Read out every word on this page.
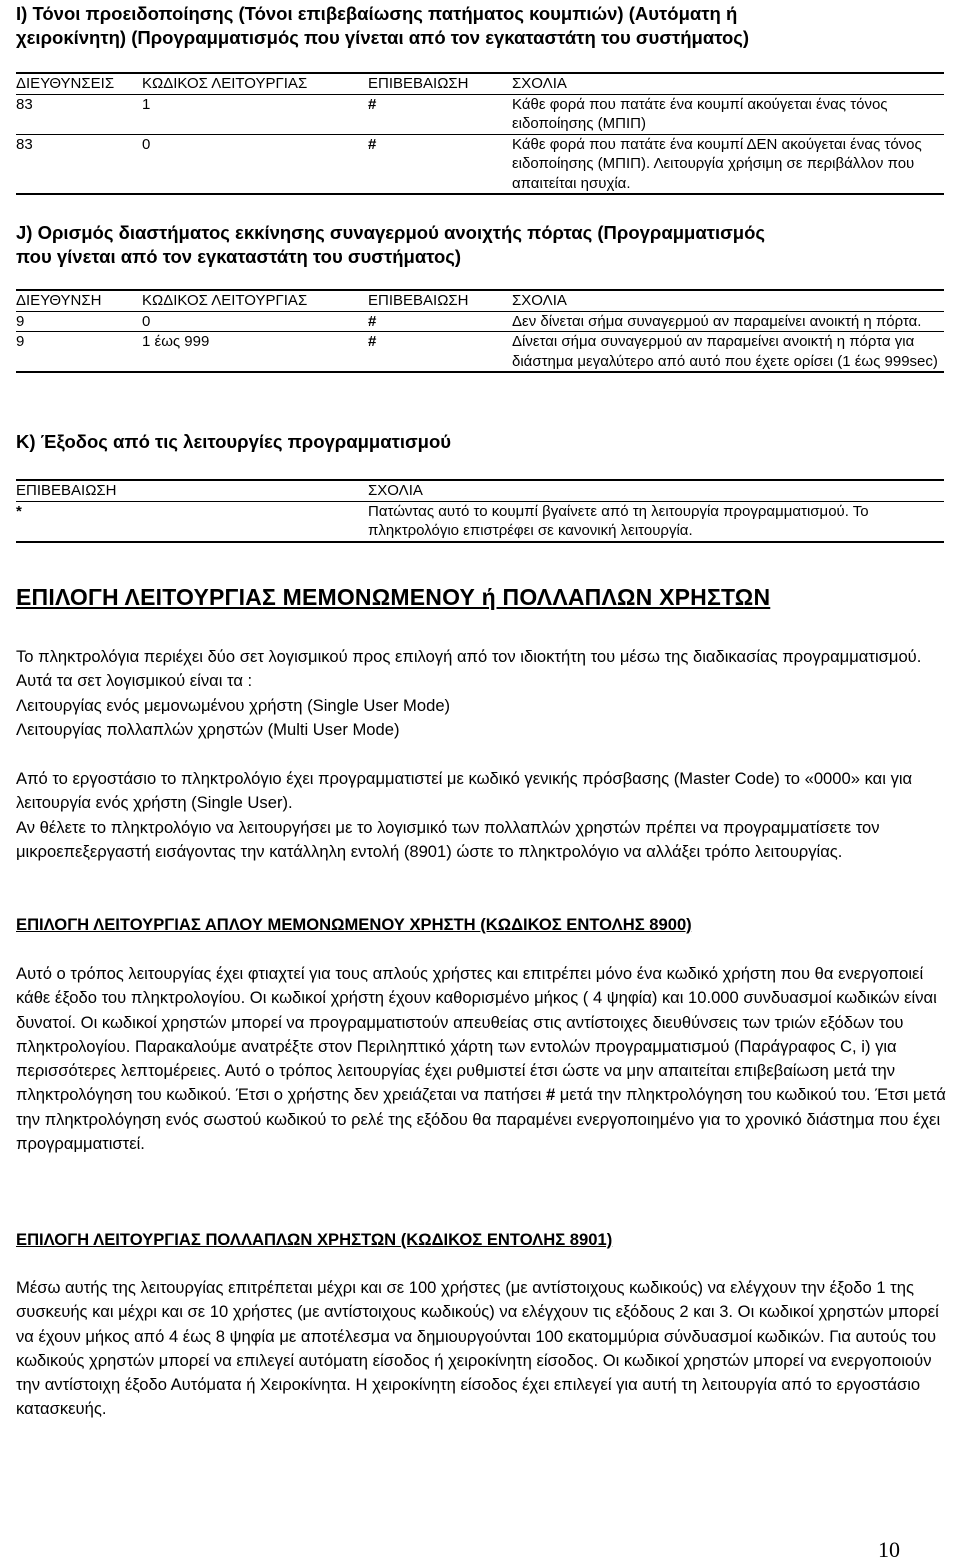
I) Τόνοι προειδοποίησης (Τόνοι επιβεβαίωσης πατήματος κουμπιών) (Αυτόματη ή

χειροκίνητη) (Προγραμματισμός που γίνεται από τον εγκαταστάτη του συστήματος)

ΔΙΕΥΘΥΝΣΕΙΣ	ΚΩΔΙΚΟΣ ΛΕΙΤΟΥΡΓΙΑΣ	ΕΠΙΒΕΒΑΙΩΣΗ	ΣΧΟΛΙΑ
83	1	#	Κάθε φορά που πατάτε ένα κουμπί ακούγεται ένας τόνος ειδοποίησης (ΜΠΙΠ)
83	0	#	Κάθε φορά που πατάτε ένα κουμπί ΔΕΝ ακούγεται ένας τόνος ειδοποίησης (ΜΠΙΠ). Λειτουργία χρήσιμη σε περιβάλλον που απαιτείται ησυχία.

J) Ορισμός διαστήματος εκκίνησης συναγερμού ανοιχτής πόρτας (Προγραμματισμός

που γίνεται από τον εγκαταστάτη του συστήματος)

ΔΙΕΥΘΥΝΣΗ	ΚΩΔΙΚΟΣ ΛΕΙΤΟΥΡΓΙΑΣ	ΕΠΙΒΕΒΑΙΩΣΗ	ΣΧΟΛΙΑ
9	0	#	Δεν δίνεται σήμα συναγερμού αν παραμείνει ανοικτή η πόρτα.
9	1 έως 999	#	Δίνεται σήμα συναγερμού αν παραμείνει ανοικτή η πόρτα για διάστημα μεγαλύτερο από αυτό που έχετε ορίσει (1 έως 999sec)

K) Έξοδος από τις λειτουργίες προγραμματισμού

ΕΠΙΒΕΒΑΙΩΣΗ	ΣΧΟΛΙΑ
*	Πατώντας αυτό το κουμπί βγαίνετε από τη λειτουργία προγραμματισμού. Το πληκτρολόγιο επιστρέφει σε κανονική λειτουργία.
ΕΠΙΛΟΓΗ ΛΕΙΤΟΥΡΓΙΑΣ ΜΕΜΟΝΩΜΕΝΟΥ ή ΠΟΛΛΑΠΛΩΝ ΧΡΗΣΤΩΝ

Το πληκτρολόγια περιέχει δύο σετ λογισμικού προς επιλογή από τον ιδιοκτήτη του μέσω της διαδικασίας προγραμματισμού. Αυτά τα σετ λογισμικού είναι τα :

Λειτουργίας ενός μεμονωμένου χρήστη (Single User Mode)

Λειτουργίας πολλαπλών χρηστών (Multi User Mode)

Από το εργοστάσιο το πληκτρολόγιο έχει προγραμματιστεί με κωδικό γενικής πρόσβασης (Master Code) το «0000» και για λειτουργία ενός χρήστη (Single User).

Αν θέλετε το πληκτρολόγιο να λειτουργήσει με το λογισμικό των πολλαπλών χρηστών πρέπει να προγραμματίσετε τον μικροεπεξεργαστή εισάγοντας την κατάλληλη εντολή (8901) ώστε το πληκτρολόγιο να αλλάξει τρόπο λειτουργίας.

ΕΠΙΛΟΓΗ ΛΕΙΤΟΥΡΓΙΑΣ ΑΠΛΟΥ ΜΕΜΟΝΩΜΕΝΟΥ ΧΡΗΣΤΗ (ΚΩΔΙΚΟΣ ΕΝΤΟΛΗΣ 8900)

Αυτό ο τρόπος λειτουργίας έχει φτιαχτεί για τους απλούς χρήστες και επιτρέπει μόνο ένα κωδικό χρήστη που θα ενεργοποιεί κάθε έξοδο του πληκτρολογίου. Οι κωδικοί χρήστη έχουν καθορισμένο μήκος ( 4 ψηφία) και 10.000 συνδυασμοί κωδικών είναι δυνατοί. Οι κωδικοί χρηστών μπορεί να προγραμματιστούν απευθείας στις αντίστοιχες διευθύνσεις των τριών εξόδων του πληκτρολογίου. Παρακαλούμε ανατρέξτε στον Περιληπτικό χάρτη των εντολών προγραμματισμού (Παράγραφος C, i) για περισσότερες λεπτομέρειες. Αυτό ο τρόπος λειτουργίας έχει ρυθμιστεί έτσι ώστε να μην απαιτείται επιβεβαίωση μετά την πληκτρολόγηση του κωδικού. Έτσι ο χρήστης δεν χρειάζεται να πατήσει # μετά την πληκτρολόγηση του κωδικού του. Έτσι μετά την πληκτρολόγηση ενός σωστού κωδικού το ρελέ της εξόδου θα παραμένει ενεργοποιημένο για το χρονικό διάστημα που έχει προγραμματιστεί.

ΕΠΙΛΟΓΗ ΛΕΙΤΟΥΡΓΙΑΣ ΠΟΛΛΑΠΛΩΝ ΧΡΗΣΤΩΝ (ΚΩΔΙΚΟΣ ΕΝΤΟΛΗΣ 8901)

Μέσω αυτής της λειτουργίας επιτρέπεται μέχρι και σε 100 χρήστες (με αντίστοιχους κωδικούς) να ελέγχουν την έξοδο 1 της συσκευής και μέχρι και σε 10 χρήστες (με αντίστοιχους κωδικούς) να ελέγχουν τις εξόδους 2 και 3. Οι κωδικοί χρηστών μπορεί να έχουν μήκος από 4 έως 8 ψηφία με αποτέλεσμα να δημιουργούνται 100 εκατομμύρια σύνδυασμοί κωδικών. Για αυτούς του κωδικούς χρηστών μπορεί να επιλεγεί αυτόματη είσοδος ή χειροκίνητη είσοδος. Οι κωδικοί χρηστών μπορεί να ενεργοποιούν την αντίστοιχη έξοδο Αυτόματα ή Χειροκίνητα. Η χειροκίνητη είσοδος έχει επιλεγεί για αυτή τη λειτουργία από το εργοστάσιο κατασκευής.

10
